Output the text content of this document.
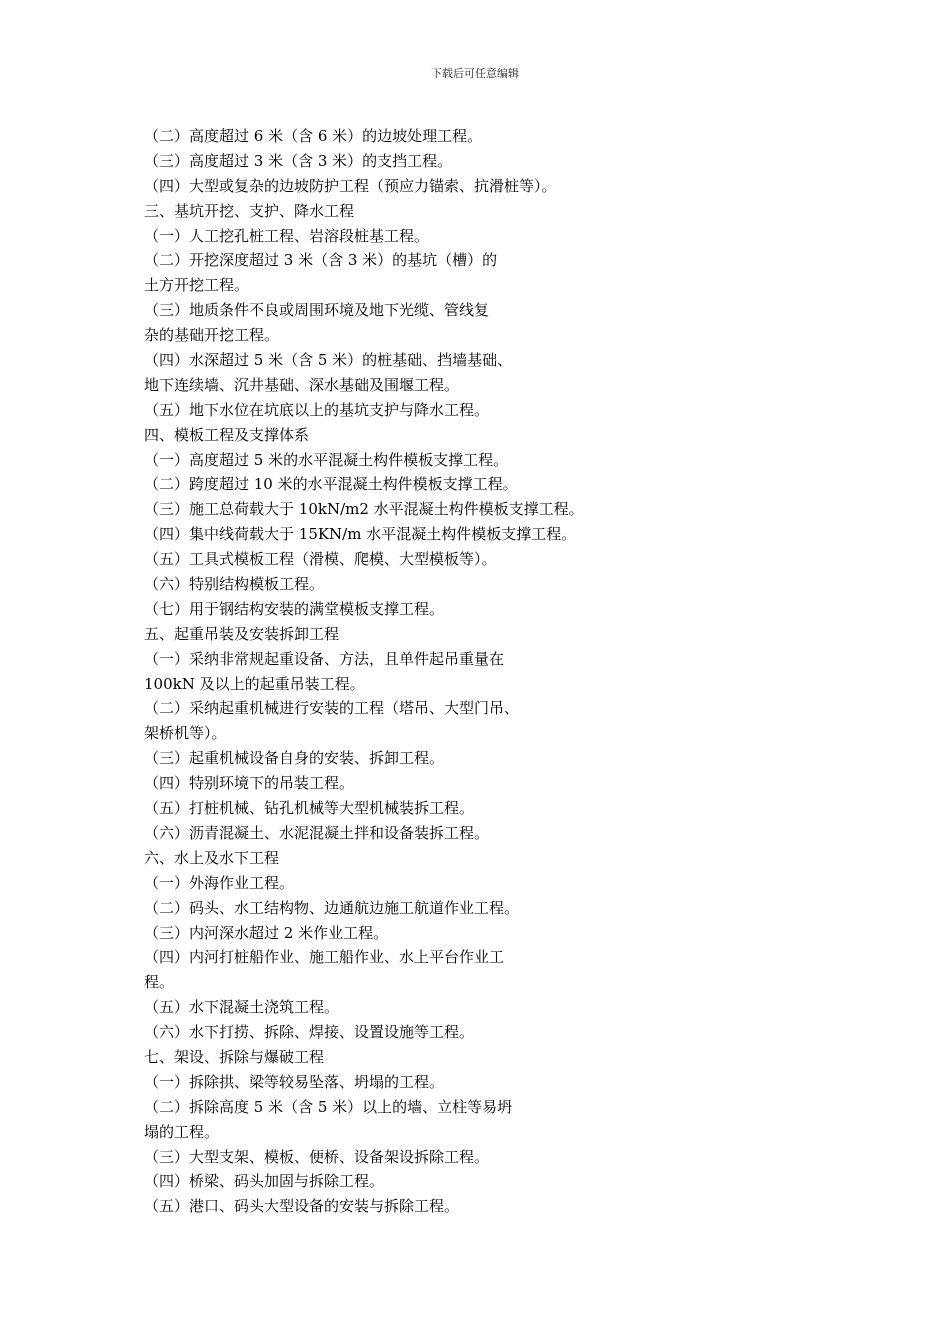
下载后可任意编辑
（二）高度超过 6 米（含 6 米）的边坡处理工程。
（三）高度超过 3 米（含 3 米）的支挡工程。
（四）大型或复杂的边坡防护工程（预应力锚索、抗滑桩等）。
三、基坑开挖、支护、降水工程
（一）人工挖孔桩工程、岩溶段桩基工程。
（二）开挖深度超过 3 米（含 3 米）的基坑（槽）的
土方开挖工程。
（三）地质条件不良或周围环境及地下光缆、管线复
杂的基础开挖工程。
（四）水深超过 5 米（含 5 米）的桩基础、挡墙基础、
地下连续墙、沉井基础、深水基础及围堰工程。
（五）地下水位在坑底以上的基坑支护与降水工程。
四、模板工程及支撑体系
（一）高度超过 5 米的水平混凝土构件模板支撑工程。
（二）跨度超过 10 米的水平混凝土构件模板支撑工程。
（三）施工总荷载大于 10kN/m2 水平混凝土构件模板支撑工程。
（四）集中线荷载大于 15KN/m 水平混凝土构件模板支撑工程。
（五）工具式模板工程（滑模、爬模、大型模板等）。
（六）特别结构模板工程。
（七）用于钢结构安装的满堂模板支撑工程。
五、起重吊装及安装拆卸工程
（一）采纳非常规起重设备、方法，且单件起吊重量在
100kN 及以上的起重吊装工程。
（二）采纳起重机械进行安装的工程（塔吊、大型门吊、
架桥机等）。
（三）起重机械设备自身的安装、拆卸工程。
（四）特别环境下的吊装工程。
（五）打桩机械、钻孔机械等大型机械装拆工程。
（六）沥青混凝土、水泥混凝土拌和设备装拆工程。
六、水上及水下工程
（一）外海作业工程。
（二）码头、水工结构物、边通航边施工航道作业工程。
（三）内河深水超过 2 米作业工程。
（四）内河打桩船作业、施工船作业、水上平台作业工
程。
（五）水下混凝土浇筑工程。
（六）水下打捞、拆除、焊接、设置设施等工程。
七、架设、拆除与爆破工程
（一）拆除拱、梁等较易坠落、坍塌的工程。
（二）拆除高度 5 米（含 5 米）以上的墙、立柱等易坍
塌的工程。
（三）大型支架、模板、便桥、设备架设拆除工程。
（四）桥梁、码头加固与拆除工程。
（五）港口、码头大型设备的安装与拆除工程。
